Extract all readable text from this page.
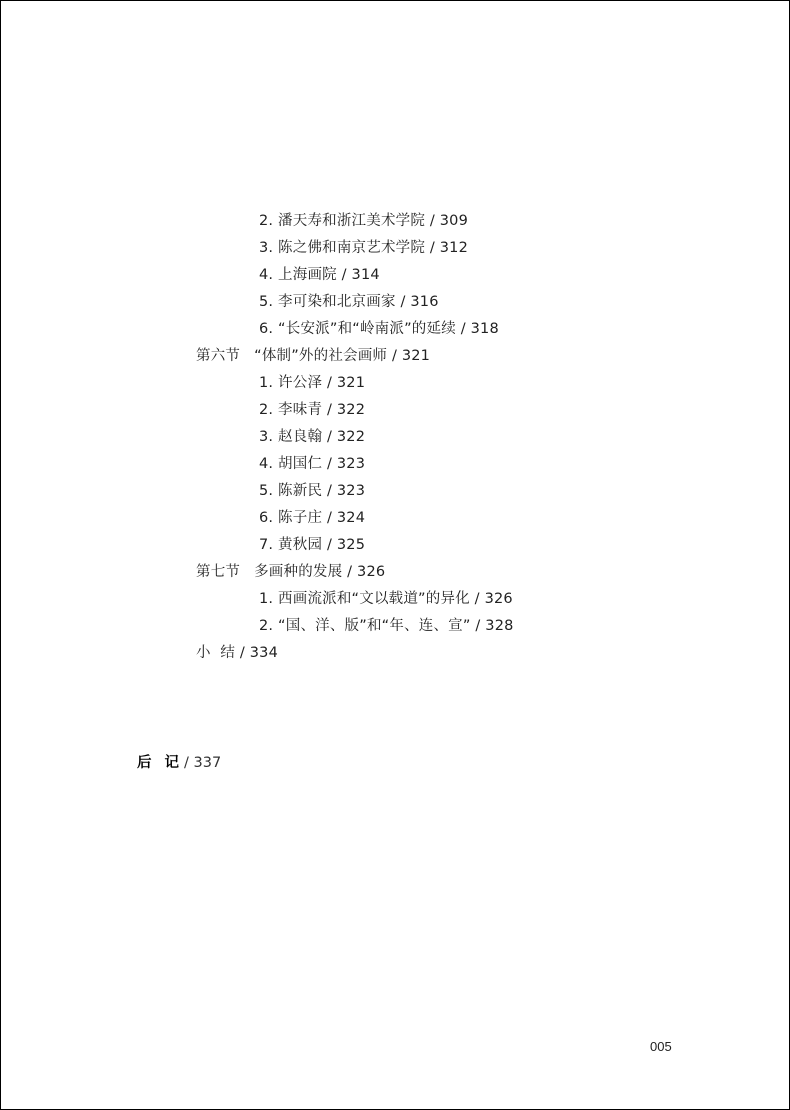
2. 潘天寿和浙江美术学院 / 309
3. 陈之佛和南京艺术学院 / 312
4. 上海画院 / 314
5. 李可染和北京画家 / 316
6. “长安派”和“岭南派”的延续 / 318
第六节 “体制”外的社会画师 / 321
1. 许公泽 / 321
2. 李味青 / 322
3. 赵良翰 / 322
4. 胡国仁 / 323
5. 陈新民 / 323
6. 陈子庄 / 324
7. 黄秋园 / 325
第七节 多画种的发展 / 326
1. 西画流派和“文以载道”的异化 / 326
2. “国、洋、版”和“年、连、宣” / 328
小  结 / 334
后记/ 337
005
